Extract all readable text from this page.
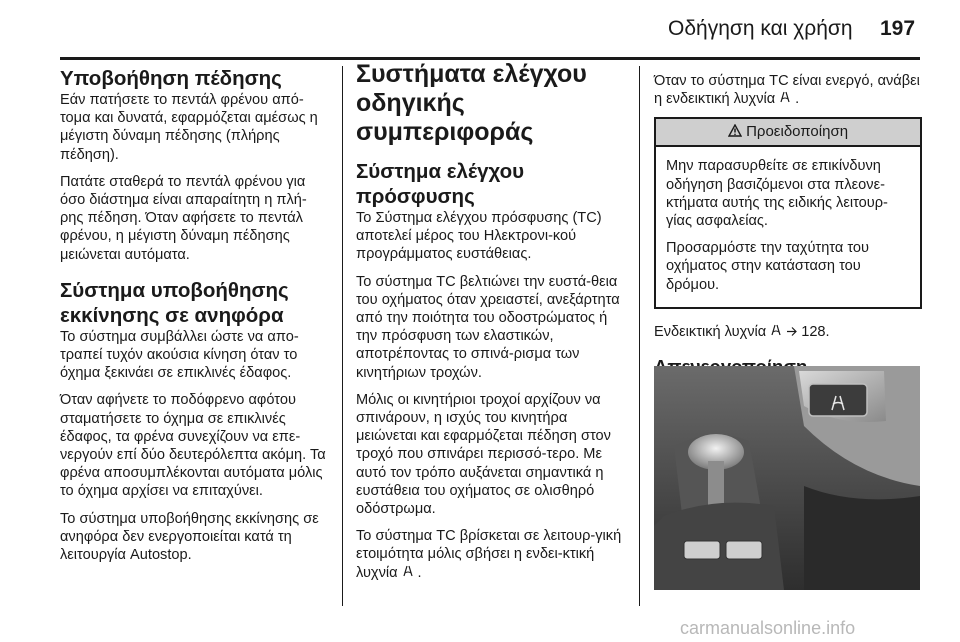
Οδήγηση και χρήση 197
Υποβοήθηση πέδησης

Εάν πατήσετε το πεντάλ φρένου από-τομα και δυνατά, εφαρμόζεται αμέσως η μέγιστη δύναμη πέδησης (πλήρης πέδηση).

Πατάτε σταθερά το πεντάλ φρένου για όσο διάστημα είναι απαραίτητη η πλή-ρης πέδηση. Όταν αφήσετε το πεντάλ φρένου, η μέγιστη δύναμη πέδησης μειώνεται αυτόματα.

Σύστημα υποβοήθησης
εκκίνησης σε ανηφόρα

Το σύστημα συμβάλλει ώστε να απο-τραπεί τυχόν ακούσια κίνηση όταν το όχημα ξεκινάει σε επικλινές έδαφος.

Όταν αφήνετε το ποδόφρενο αφότου σταματήσετε το όχημα σε επικλινές έδαφος, τα φρένα συνεχίζουν να επε-νεργούν επί δύο δευτερόλεπτα ακόμη. Τα φρένα αποσυμπλέκονται αυτόματα μόλις το όχημα αρχίσει να επιταχύνει.

Το σύστημα υποβοήθησης εκκίνησης σε ανηφόρα δεν ενεργοποιείται κατά τη λειτουργία Autostop.

Συστήματα ελέγχου
οδηγικής
συμπεριφοράς
Σύστημα ελέγχου
πρόσφυσης

Το Σύστημα ελέγχου πρόσφυσης (TC) αποτελεί μέρος του Ηλεκτρονι-κού προγράμματος ευστάθειας.

Το σύστημα TC βελτιώνει την ευστά-θεια του οχήματος όταν χρειαστεί, ανεξάρτητα από την ποιότητα του οδοστρώματος ή την πρόσφυση των ελαστικών, αποτρέποντας το σπινά-ρισμα των κινητήριων τροχών.

Μόλις οι κινητήριοι τροχοί αρχίζουν να σπινάρουν, η ισχύς του κινητήρα μειώνεται και εφαρμόζεται πέδηση στον τροχό που σπινάρει περισσό-τερο. Με αυτό τον τρόπο αυξάνεται σημαντικά η ευστάθεια του οχήματος σε ολισθηρό οδόστρωμα.

Το σύστημα TC βρίσκεται σε λειτουρ-γική ετοιμότητα μόλις σβήσει η ενδει-κτική λυχνία .

Όταν το σύστημα TC είναι ενεργό, ανάβει η ενδεικτική λυχνία .

Προειδοποίηση

Μην παρασυρθείτε σε επικίνδυνη οδήγηση βασιζόμενοι στα πλεονε-κτήματα αυτής της ειδικής λειτουρ-γίας ασφαλείας.

Προσαρμόστε την ταχύτητα του οχήματος στην κατάσταση του δρόμου.

Ενδεικτική λυχνία 128.

carmanualsonline.info
